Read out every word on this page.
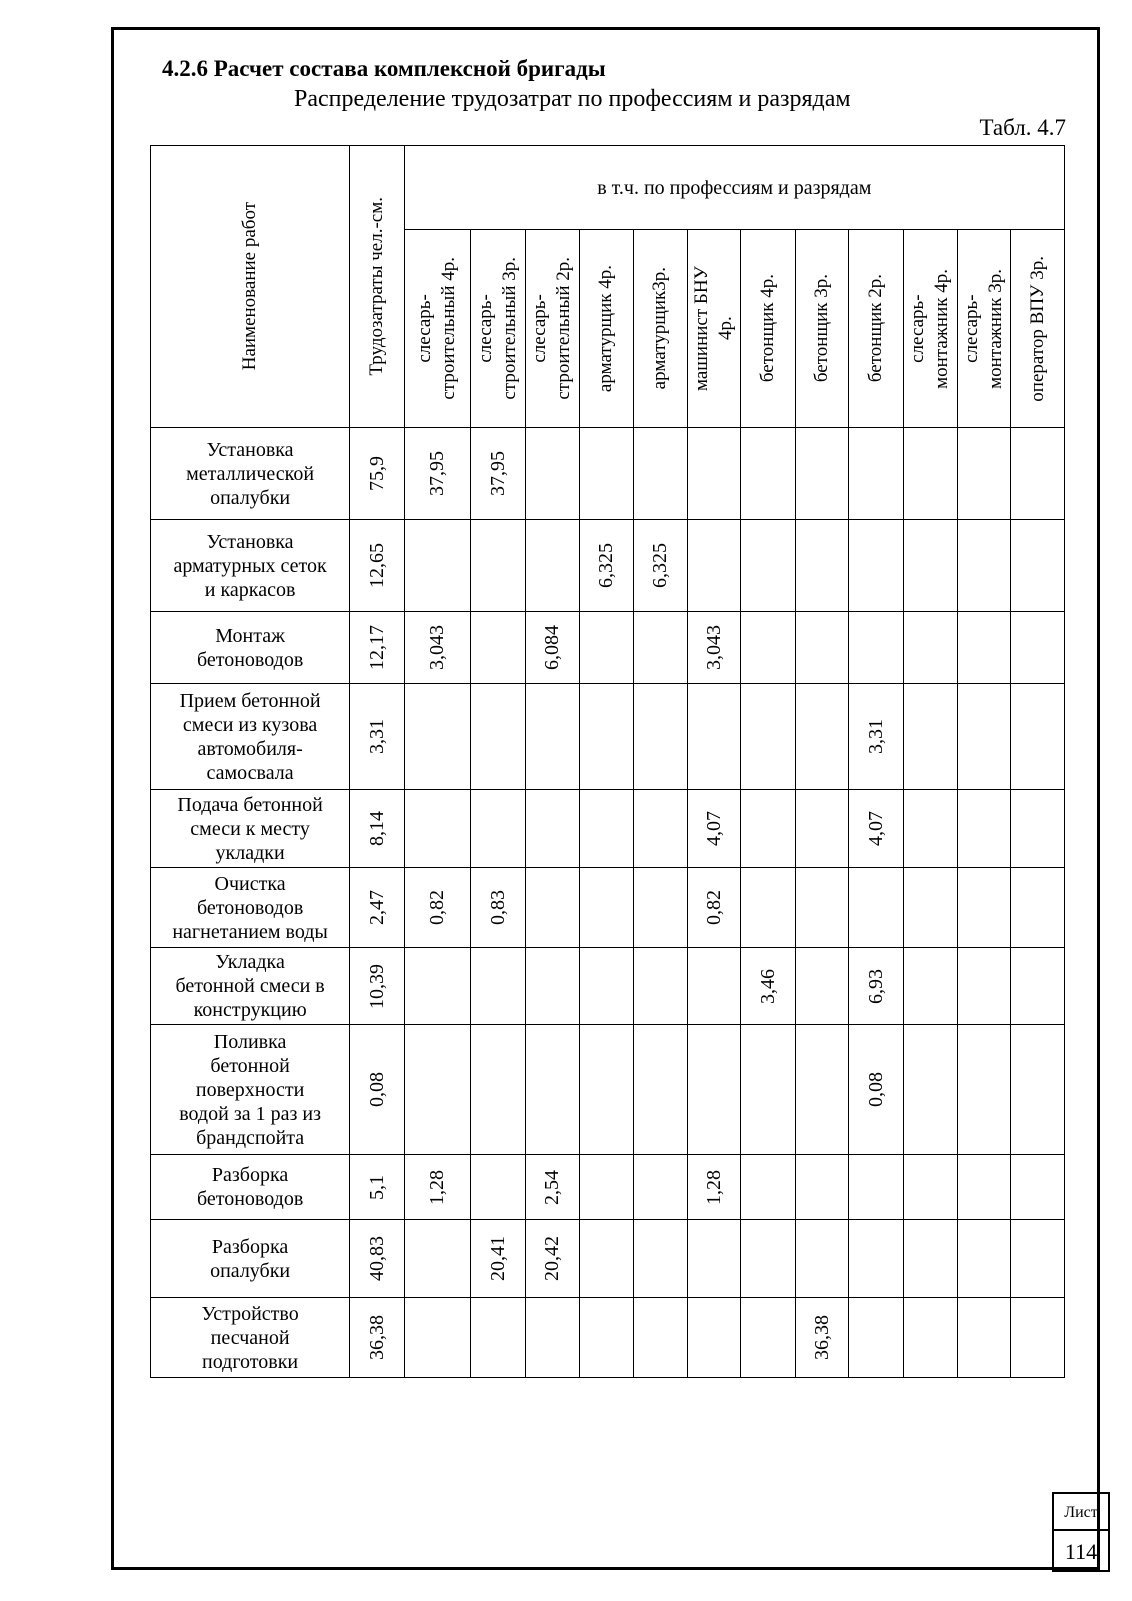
4.2.6 Расчет состава комплексной бригады
Распределение трудозатрат по профессиям и разрядам
Табл. 4.7
Наименование работ	Трудозатраты чел.-см.	в т.ч. по профессиям и разрядам											

		слесарь- строительный 4р.	слесарь- строительный 3р.	слесарь- строительный 2р.	арматурщик 4р.	арматурщик3р.	машинист БНУ 4р.	бетонщик 4р.	бетонщик 3р.	бетонщик 2р.	слесарь- монтажник 4р.	слесарь- монтажник 3р.	оператор ВПУ 3р.

Установка
металлической
опалубки	75,9	37,95	37,95										

Установка
арматурных сеток
и каркасов	12,65				6,325	6,325							

Монтаж
бетоноводов	12,17	3,043		6,084			3,043						

Прием бетонной
смеси из кузова
автомобиля-
самосвала	3,31									3,31			

Подача бетонной
смеси к месту
укладки	8,14						4,07			4,07			

Очистка
бетоноводов
нагнетанием воды	2,47	0,82	0,83				0,82						

Укладка
бетонной смеси в
конструкцию	10,39							3,46		6,93			

Поливка
бетонной
поверхности
водой за 1 раз из
брандспойта	0,08									0,08			

Разборка
бетоноводов	5,1	1,28		2,54			1,28						

Разборка
опалубки	40,83		20,41	20,42									

Устройство
песчаной
подготовки	36,38								36,38				

Лист
114
